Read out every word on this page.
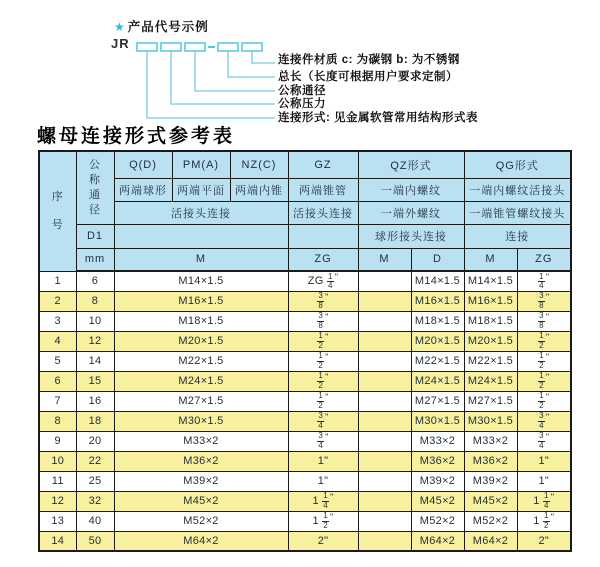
★ 产品代号示例
JR
连接件材质 c: 为碳钢 b: 为不锈钢
总长（长度可根据用户要求定制）
公称通径
公称压力
连接形式: 见金属软管常用结构形式表
螺母连接形式参考表
序号	公称通径	Q(D)	PM(A)	NZ(C)	GZ	QZ形式		QG形式	
		两端球形	两端平面	两端内锥	两端锥管	一端内螺纹		一端内螺纹活接头	
		活接头连接			活接头连接	一端外螺纹		一端锥管螺纹接头	
	D1					球形接头连接		连接	
	mm	M			ZG	M	D	M	ZG
1	6	M14×1.5			ZG $\frac{1}{4} ^"$		M14×1.5	M14×1.5	$\frac{1}{4} ^"$
2	8	M16×1.5			$\frac{3}{8} ^"$		M16×1.5	M16×1.5	$\frac{3}{8} ^"$
3	10	M18×1.5			$\frac{3}{8} ^"$		M18×1.5	M18×1.5	$\frac{3}{8} ^"$
4	12	M20×1.5			$\frac{1}{2} ^"$		M20×1.5	M20×1.5	$\frac{1}{2} ^"$
5	14	M22×1.5			$\frac{1}{2} ^"$		M22×1.5	M22×1.5	$\frac{1}{2} ^"$
6	15	M24×1.5			$\frac{1}{2} ^"$		M24×1.5	M24×1.5	$\frac{1}{2} ^"$
7	16	M27×1.5			$\frac{1}{2} ^"$		M27×1.5	M27×1.5	$\frac{1}{2} ^"$
8	18	M30×1.5			$\frac{3}{4} ^"$		M30×1.5	M30×1.5	$\frac{3}{4} ^"$
9	20	M33×2			$\frac{3}{4} ^"$		M33×2	M33×2	$\frac{3}{4} ^"$
10	22	M36×2			1"		M36×2	M36×2	1"
11	25	M39×2			1"		M39×2	M39×2	1"
12	32	M45×2			$1 \frac{1}{4} ^"$		M45×2	M45×2	$1 \frac{1}{4} ^"$
13	40	M52×2			$1 \frac{1}{2} ^"$		M52×2	M52×2	$1 \frac{1}{2} ^"$
14	50	M64×2			2"		M64×2	M64×2	2"
